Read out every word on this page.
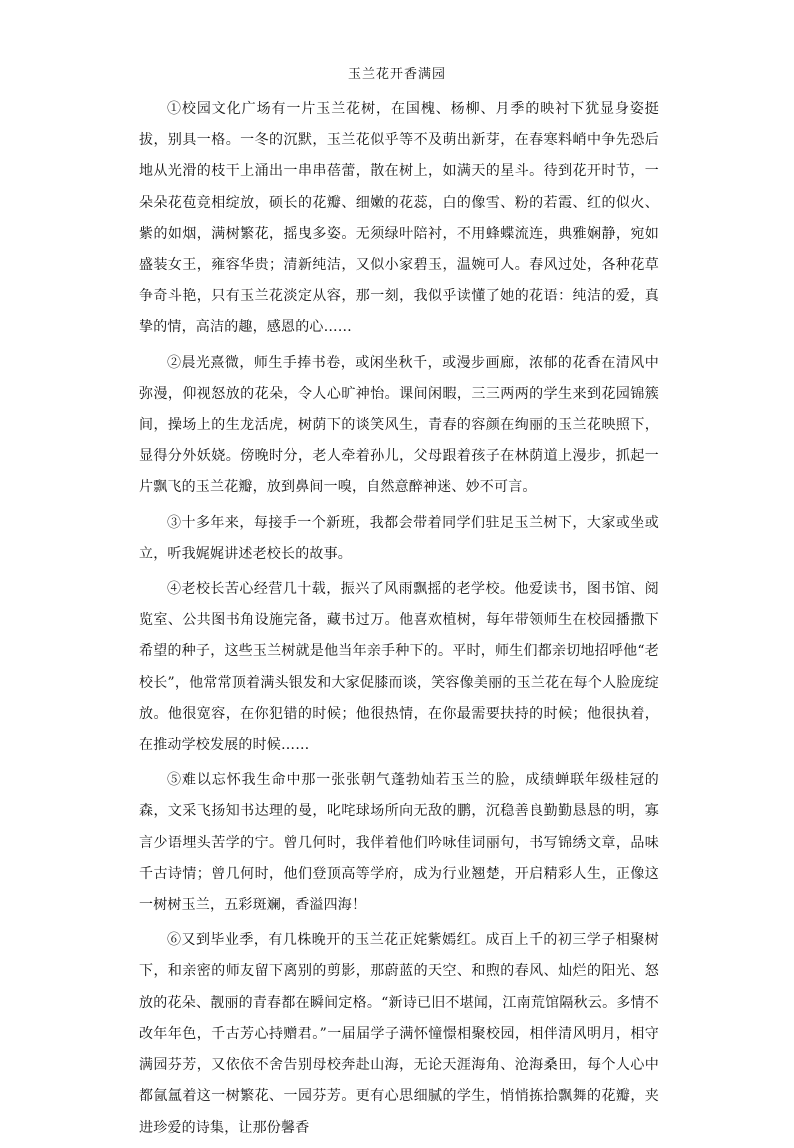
玉兰花开香满园

①校园文化广场有一片玉兰花树，在国槐、杨柳、月季的映衬下犹显身姿挺拔，别具一格。一冬的沉默，玉兰花似乎等不及萌出新芽，在春寒料峭中争先恐后地从光滑的枝干上涌出一串串蓓蕾，散在树上，如满天的星斗。待到花开时节，一朵朵花苞竞相绽放，硕长的花瓣、细嫩的花蕊，白的像雪、粉的若霞、红的似火、紫的如烟，满树繁花，摇曳多姿。无须绿叶陪衬，不用蜂蝶流连，典雅娴静，宛如盛装女王，雍容华贵；清新纯洁，又似小家碧玉，温婉可人。春风过处，各种花草争奇斗艳，只有玉兰花淡定从容，那一刻，我似乎读懂了她的花语：纯洁的爱，真挚的情，高洁的趣，感恩的心……

②晨光熹微，师生手捧书卷，或闲坐秋千，或漫步画廊，浓郁的花香在清风中弥漫，仰视怒放的花朵，令人心旷神怡。课间闲暇，三三两两的学生来到花园锦簇间，操场上的生龙活虎，树荫下的谈笑风生，青春的容颜在绚丽的玉兰花映照下，显得分外妖娆。傍晚时分，老人牵着孙儿，父母跟着孩子在林荫道上漫步，抓起一片飘飞的玉兰花瓣，放到鼻间一嗅，自然意醉神迷、妙不可言。

③十多年来，每接手一个新班，我都会带着同学们驻足玉兰树下，大家或坐或立，听我娓娓讲述老校长的故事。

④老校长苦心经营几十载，振兴了风雨飘摇的老学校。他爱读书，图书馆、阅览室、公共图书角设施完备，藏书过万。他喜欢植树，每年带领师生在校园播撒下希望的种子，这些玉兰树就是他当年亲手种下的。平时，师生们都亲切地招呼他“老校长”，他常常顶着满头银发和大家促膝而谈，笑容像美丽的玉兰花在每个人脸庞绽放。他很宽容，在你犯错的时候；他很热情，在你最需要扶持的时候；他很执着，在推动学校发展的时候……

⑤难以忘怀我生命中那一张张朝气蓬勃灿若玉兰的脸，成绩蝉联年级桂冠的森，文采飞扬知书达理的曼，叱咤球场所向无敌的鹏，沉稳善良勤勤恳恳的明，寡言少语埋头苦学的宁。曾几何时，我伴着他们吟咏佳词丽句，书写锦绣文章，品味千古诗情；曾几何时，他们登顶高等学府，成为行业翘楚，开启精彩人生，正像这一树树玉兰，五彩斑斓，香溢四海！

⑥又到毕业季，有几株晚开的玉兰花正姹紫嫣红。成百上千的初三学子相聚树下，和亲密的师友留下离别的剪影，那蔚蓝的天空、和煦的春风、灿烂的阳光、怒放的花朵、靓丽的青春都在瞬间定格。“新诗已旧不堪闻，江南荒馆隔秋云。多情不改年年色，千古芳心持赠君。”一届届学子满怀憧憬相聚校园，相伴清风明月，相守满园芬芳，又依依不舍告别母校奔赴山海，无论天涯海角、沧海桑田，每个人心中都氤氲着这一树繁花、一园芬芳。更有心思细腻的学生，悄悄拣拾飘舞的花瓣，夹进珍爱的诗集，让那份馨香
